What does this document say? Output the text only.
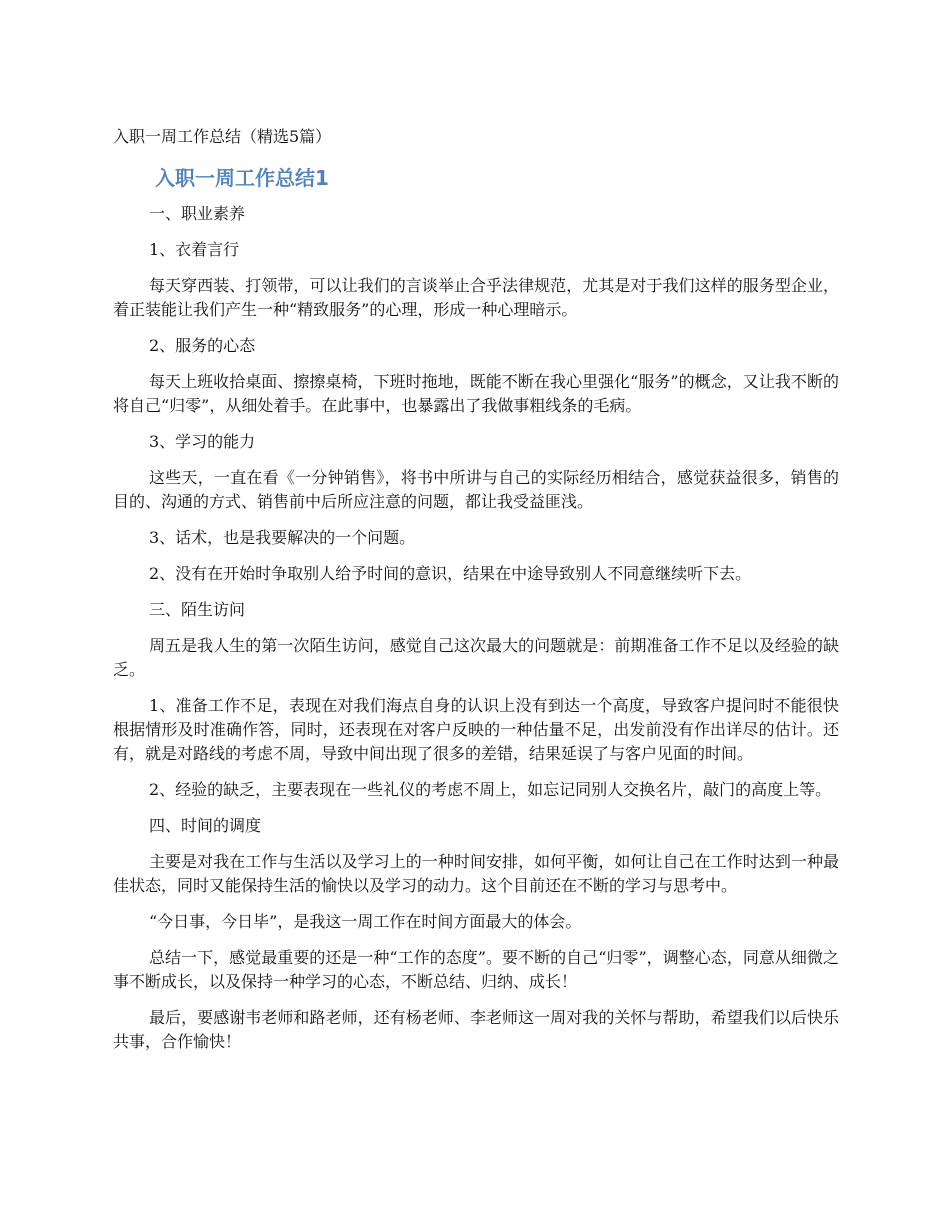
入职一周工作总结（精选5篇）

入职一周工作总结1

一、职业素养

1、衣着言行

每天穿西装、打领带，可以让我们的言谈举止合乎法律规范，尤其是对于我们这样的服务型企业，着正装能让我们产生一种“精致服务”的心理，形成一种心理暗示。

2、服务的心态

每天上班收拾桌面、擦擦桌椅，下班时拖地，既能不断在我心里强化“服务”的概念，又让我不断的将自己“归零”，从细处着手。在此事中，也暴露出了我做事粗线条的毛病。

3、学习的能力

这些天，一直在看《一分钟销售》，将书中所讲与自己的实际经历相结合，感觉获益很多，销售的目的、沟通的方式、销售前中后所应注意的问题，都让我受益匪浅。

3、话术，也是我要解决的一个问题。

2、没有在开始时争取别人给予时间的意识，结果在中途导致别人不同意继续听下去。

三、陌生访问

周五是我人生的第一次陌生访问，感觉自己这次最大的问题就是：前期准备工作不足以及经验的缺乏。

1、准备工作不足，表现在对我们海点自身的认识上没有到达一个高度，导致客户提问时不能很快根据情形及时准确作答，同时，还表现在对客户反映的一种估量不足，出发前没有作出详尽的估计。还有，就是对路线的考虑不周，导致中间出现了很多的差错，结果延误了与客户见面的时间。

2、经验的缺乏，主要表现在一些礼仪的考虑不周上，如忘记同别人交换名片，敲门的高度上等。

四、时间的调度

主要是对我在工作与生活以及学习上的一种时间安排，如何平衡，如何让自己在工作时达到一种最佳状态，同时又能保持生活的愉快以及学习的动力。这个目前还在不断的学习与思考中。

“今日事，今日毕”，是我这一周工作在时间方面最大的体会。

总结一下，感觉最重要的还是一种“工作的态度”。要不断的自己“归零”，调整心态，同意从细微之事不断成长，以及保持一种学习的心态，不断总结、归纳、成长！

最后，要感谢韦老师和路老师，还有杨老师、李老师这一周对我的关怀与帮助，希望我们以后快乐共事，合作愉快！
